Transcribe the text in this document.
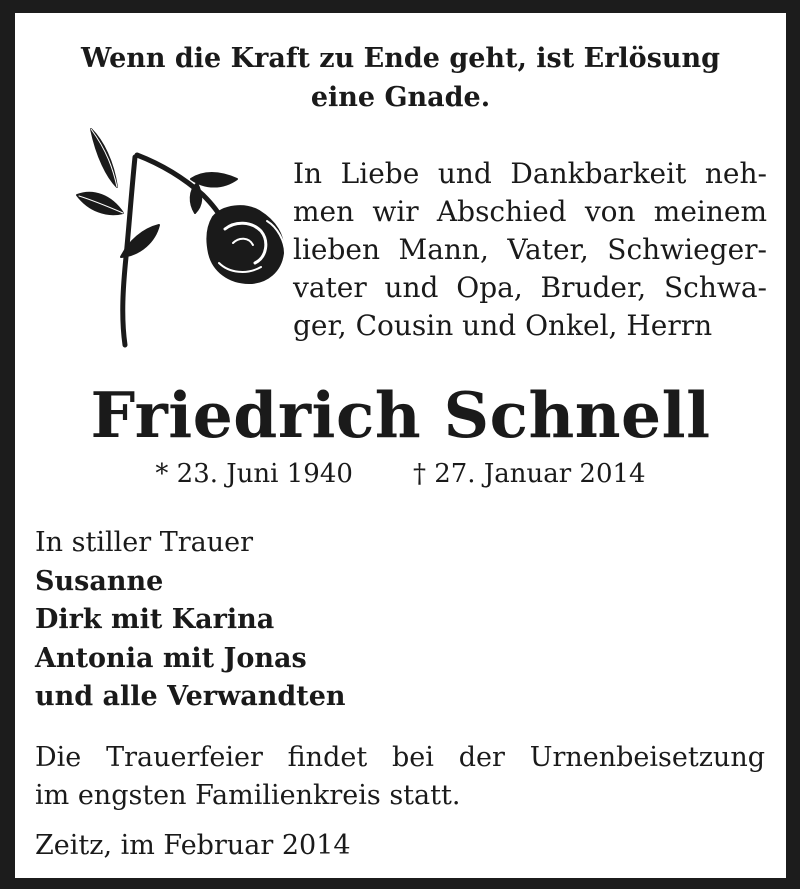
Wenn die Kraft zu Ende geht, ist Erlösung
eine Gnade.
In Liebe und Dankbarkeit neh-
men wir Abschied von meinem
lieben Mann, Vater, Schwieger-
vater und Opa, Bruder, Schwa-
ger, Cousin und Onkel, Herrn
Friedrich Schnell
* 23. Juni 1940 † 27. Januar 2014
In stiller Trauer
Susanne
Dirk mit Karina
Antonia mit Jonas
und alle Verwandten
Die Trauerfeier findet bei der Urnenbeisetzung
im engsten Familienkreis statt.
Zeitz, im Februar 2014
